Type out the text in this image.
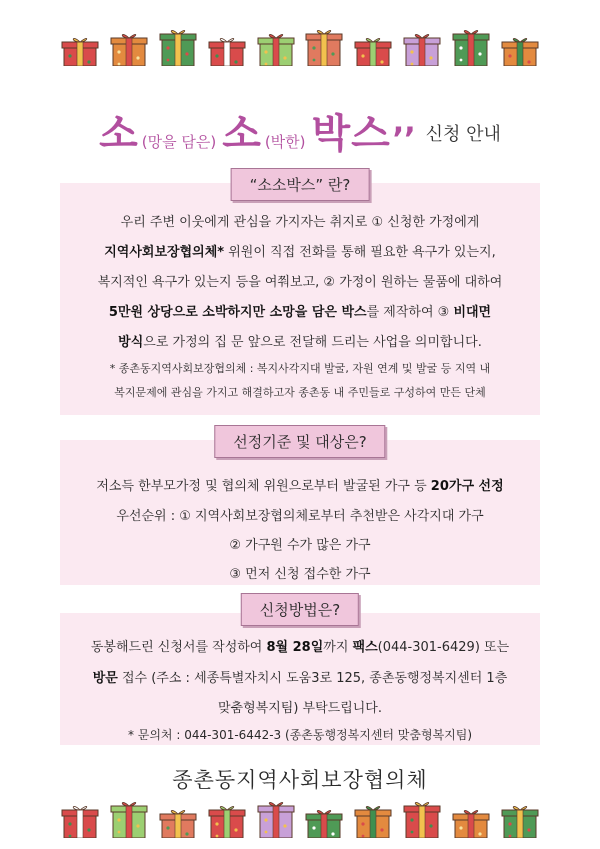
소 (망을 담은) 소 (박한) 박스 ,, 신청 안내
“소소박스” 란?
우리 주변 이웃에게 관심을 가지자는 취지로 ① 신청한 가정에게
지역사회보장협의체* 위원이 직접 전화를 통해 필요한 욕구가 있는지,
복지적인 욕구가 있는지 등을 여쭤보고, ② 가정이 원하는 물품에 대하여
5만원 상당으로 소박하지만 소망을 담은 박스를 제작하여 ③ 비대면
방식으로 가정의 집 문 앞으로 전달해 드리는 사업을 의미합니다.
* 종촌동지역사회보장협의체 : 복지사각지대 발굴, 자원 연계 및 발굴 등 지역 내
복지문제에 관심을 가지고 해결하고자 종촌동 내 주민들로 구성하여 만든 단체
선정기준 및 대상은?
저소득 한부모가정 및 협의체 위원으로부터 발굴된 가구 등 20가구 선정
우선순위 : ① 지역사회보장협의체로부터 추천받은 사각지대 가구
② 가구원 수가 많은 가구
③ 먼저 신청 접수한 가구
신청방법은?
동봉해드린 신청서를 작성하여 8월 28일까지 팩스(044-301-6429) 또는
방문 접수 (주소 : 세종특별자치시 도움3로 125, 종촌동행정복지센터 1층
맞춤형복지팀) 부탁드립니다.
* 문의처 : 044-301-6442-3 (종촌동행정복지센터 맞춤형복지팀)
종촌동지역사회보장협의체
